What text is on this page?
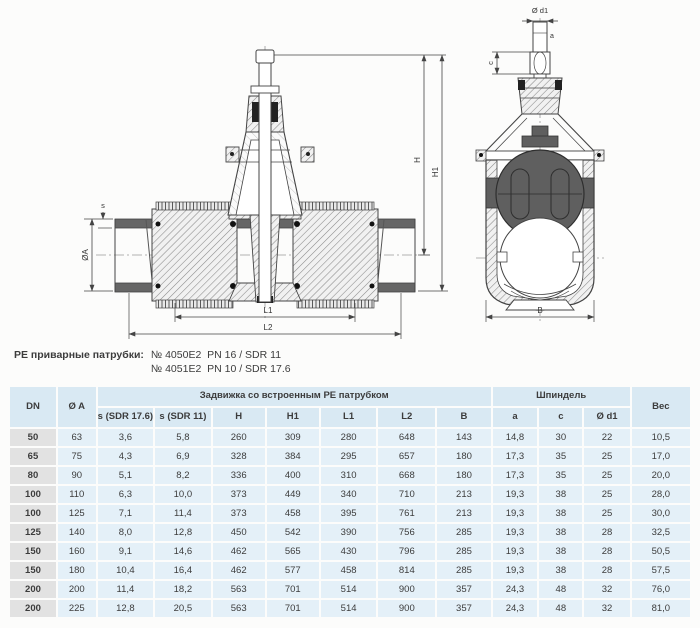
ØA
s
H
H1
L1
L2
Ø d1
a
c
B
PE приварные патрубки: № 4050E2  PN 16 / SDR 11
№ 4051E2  PN 10 / SDR 17.6
DN	Ø A	Задвижка со встроенным PE патрубком							Шпиндель			Вес
		s (SDR 17.6)	s (SDR 11)	H	H1	L1	L2	B	a	c	Ø d1	
50	63	3,6	5,8	260	309	280	648	143	14,8	30	22	10,5
65	75	4,3	6,9	328	384	295	657	180	17,3	35	25	17,0
80	90	5,1	8,2	336	400	310	668	180	17,3	35	25	20,0
100	110	6,3	10,0	373	449	340	710	213	19,3	38	25	28,0
100	125	7,1	11,4	373	458	395	761	213	19,3	38	25	30,0
125	140	8,0	12,8	450	542	390	756	285	19,3	38	28	32,5
150	160	9,1	14,6	462	565	430	796	285	19,3	38	28	50,5
150	180	10,4	16,4	462	577	458	814	285	19,3	38	28	57,5
200	200	11,4	18,2	563	701	514	900	357	24,3	48	32	76,0
200	225	12,8	20,5	563	701	514	900	357	24,3	48	32	81,0
